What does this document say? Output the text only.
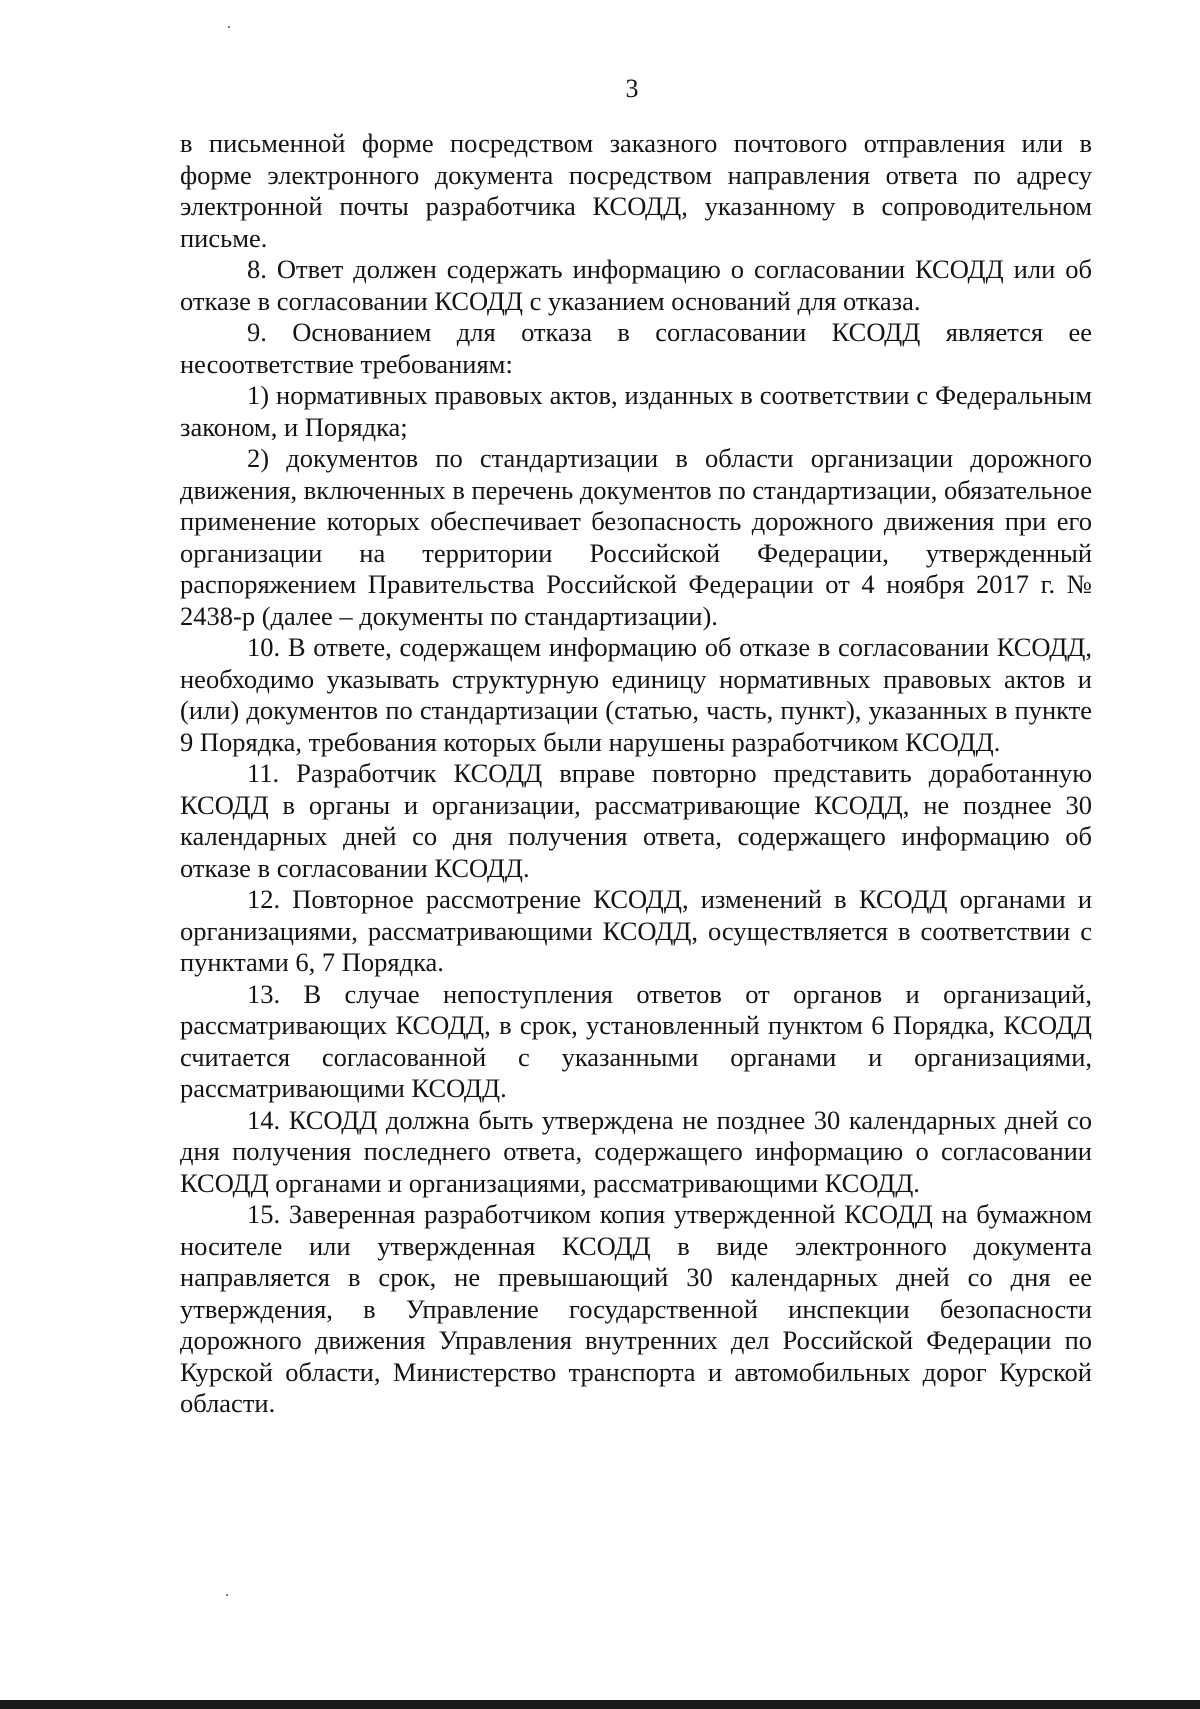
3

в письменной форме посредством заказного почтового отправления или в форме электронного документа посредством направления ответа по адресу электронной почты разработчика КСОДД, указанному в сопроводительном письме.

8. Ответ должен содержать информацию о согласовании КСОДД или об отказе в согласовании КСОДД с указанием оснований для отказа.

9. Основанием для отказа в согласовании КСОДД является ее несоответствие требованиям:

1) нормативных правовых актов, изданных в соответствии с Федеральным законом, и Порядка;

2) документов по стандартизации в области организации дорожного движения, включенных в перечень документов по стандартизации, обязательное применение которых обеспечивает безопасность дорожного движения при его организации на территории Российской Федерации, утвержденный распоряжением Правительства Российской Федерации от 4 ноября 2017 г. № 2438-р (далее – документы по стандартизации).

10. В ответе, содержащем информацию об отказе в согласовании КСОДД, необходимо указывать структурную единицу нормативных правовых актов и (или) документов по стандартизации (статью, часть, пункт), указанных в пункте 9 Порядка, требования которых были нарушены разработчиком КСОДД.

11. Разработчик КСОДД вправе повторно представить доработанную КСОДД в органы и организации, рассматривающие КСОДД, не позднее 30 календарных дней со дня получения ответа, содержащего информацию об отказе в согласовании КСОДД.

12. Повторное рассмотрение КСОДД, изменений в КСОДД органами и организациями, рассматривающими КСОДД, осуществляется в соответствии с пунктами 6, 7 Порядка.

13. В случае непоступления ответов от органов и организаций, рассматривающих КСОДД, в срок, установленный пунктом 6 Порядка, КСОДД считается согласованной с указанными органами и организациями, рассматривающими КСОДД.

14. КСОДД должна быть утверждена не позднее 30 календарных дней со дня получения последнего ответа, содержащего информацию о согласовании КСОДД органами и организациями, рассматривающими КСОДД.

15. Заверенная разработчиком копия утвержденной КСОДД на бумажном носителе или утвержденная КСОДД в виде электронного документа направляется в срок, не превышающий 30 календарных дней со дня ее утверждения, в Управление государственной инспекции безопасности дорожного движения Управления внутренних дел Российской Федерации по Курской области, Министерство транспорта и автомобильных дорог Курской области.
